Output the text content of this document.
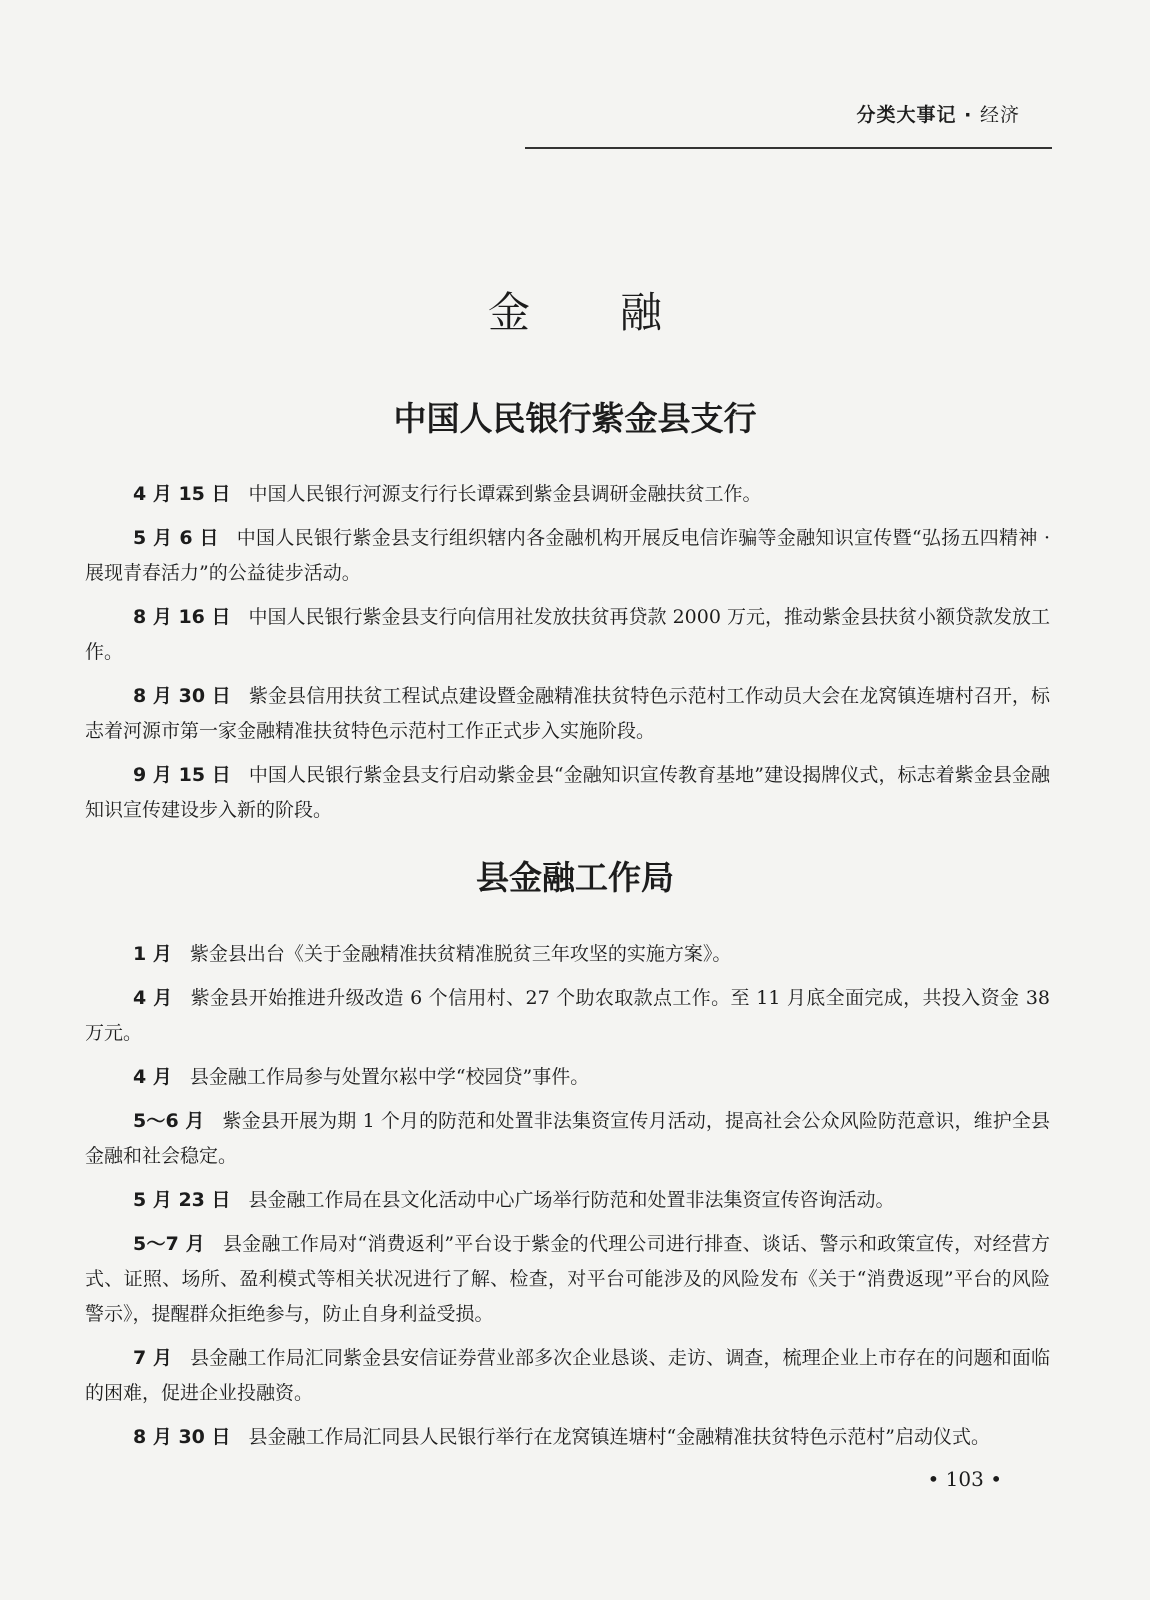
分类大事记 · 经济
金融
中国人民银行紫金县支行

4 月 15 日 中国人民银行河源支行行长谭霖到紫金县调研金融扶贫工作。

5 月 6 日 中国人民银行紫金县支行组织辖内各金融机构开展反电信诈骗等金融知识宣传暨“弘扬五四精神 · 展现青春活力”的公益徒步活动。

8 月 16 日 中国人民银行紫金县支行向信用社发放扶贫再贷款 2000 万元，推动紫金县扶贫小额贷款发放工作。

8 月 30 日 紫金县信用扶贫工程试点建设暨金融精准扶贫特色示范村工作动员大会在龙窝镇连塘村召开，标志着河源市第一家金融精准扶贫特色示范村工作正式步入实施阶段。

9 月 15 日 中国人民银行紫金县支行启动紫金县“金融知识宣传教育基地”建设揭牌仪式，标志着紫金县金融知识宣传建设步入新的阶段。

县金融工作局

1 月 紫金县出台《关于金融精准扶贫精准脱贫三年攻坚的实施方案》。

4 月 紫金县开始推进升级改造 6 个信用村、27 个助农取款点工作。至 11 月底全面完成，共投入资金 38 万元。

4 月 县金融工作局参与处置尔崧中学“校园贷”事件。

5～6 月 紫金县开展为期 1 个月的防范和处置非法集资宣传月活动，提高社会公众风险防范意识，维护全县金融和社会稳定。

5 月 23 日 县金融工作局在县文化活动中心广场举行防范和处置非法集资宣传咨询活动。

5～7 月 县金融工作局对“消费返利”平台设于紫金的代理公司进行排查、谈话、警示和政策宣传，对经营方式、证照、场所、盈利模式等相关状况进行了解、检查，对平台可能涉及的风险发布《关于“消费返现”平台的风险警示》，提醒群众拒绝参与，防止自身利益受损。

7 月 县金融工作局汇同紫金县安信证券营业部多次企业恳谈、走访、调查，梳理企业上市存在的问题和面临的困难，促进企业投融资。

8 月 30 日 县金融工作局汇同县人民银行举行在龙窝镇连塘村“金融精准扶贫特色示范村”启动仪式。

• 103 •
